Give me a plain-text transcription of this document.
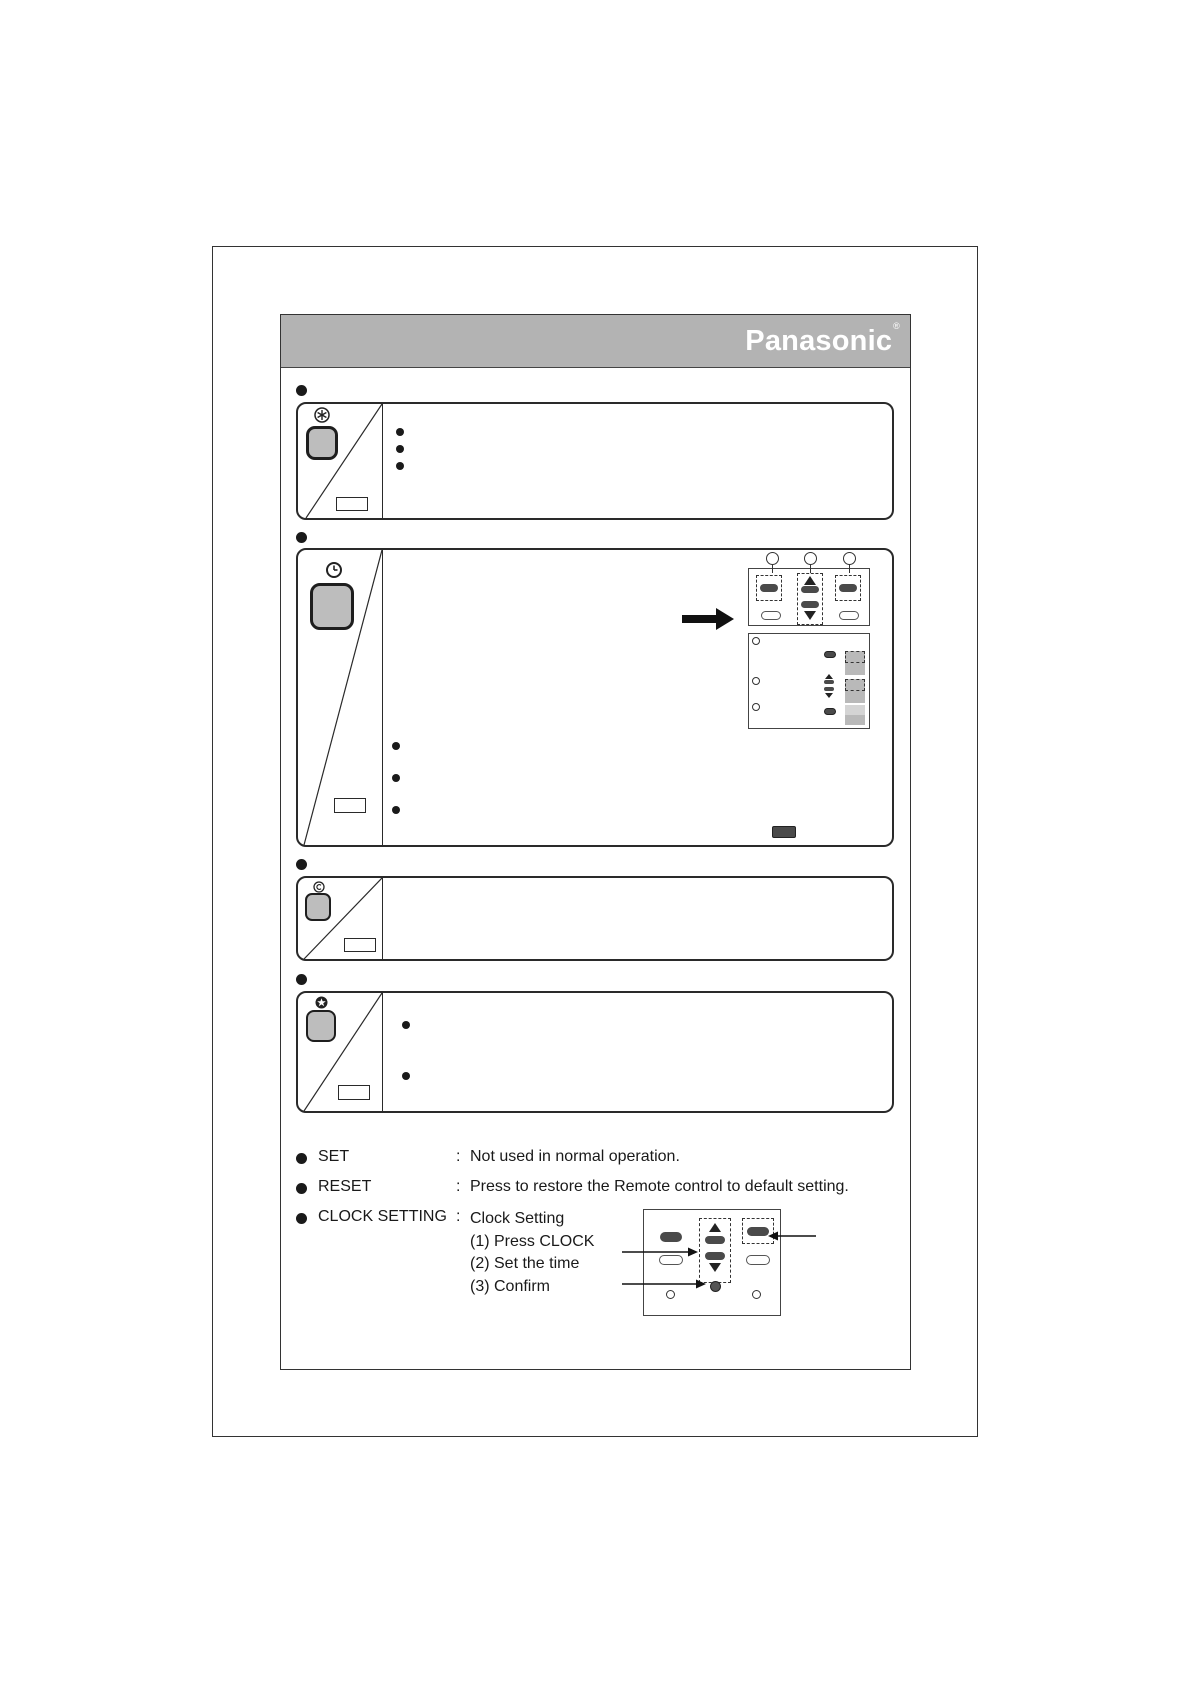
Panasonic®
SET	: Not used in normal operation.
RESET	: Press to restore the Remote control to default setting.
CLOCK SETTING : Clock Setting
(1) Press CLOCK
(2) Set the time
(3) Confirm
